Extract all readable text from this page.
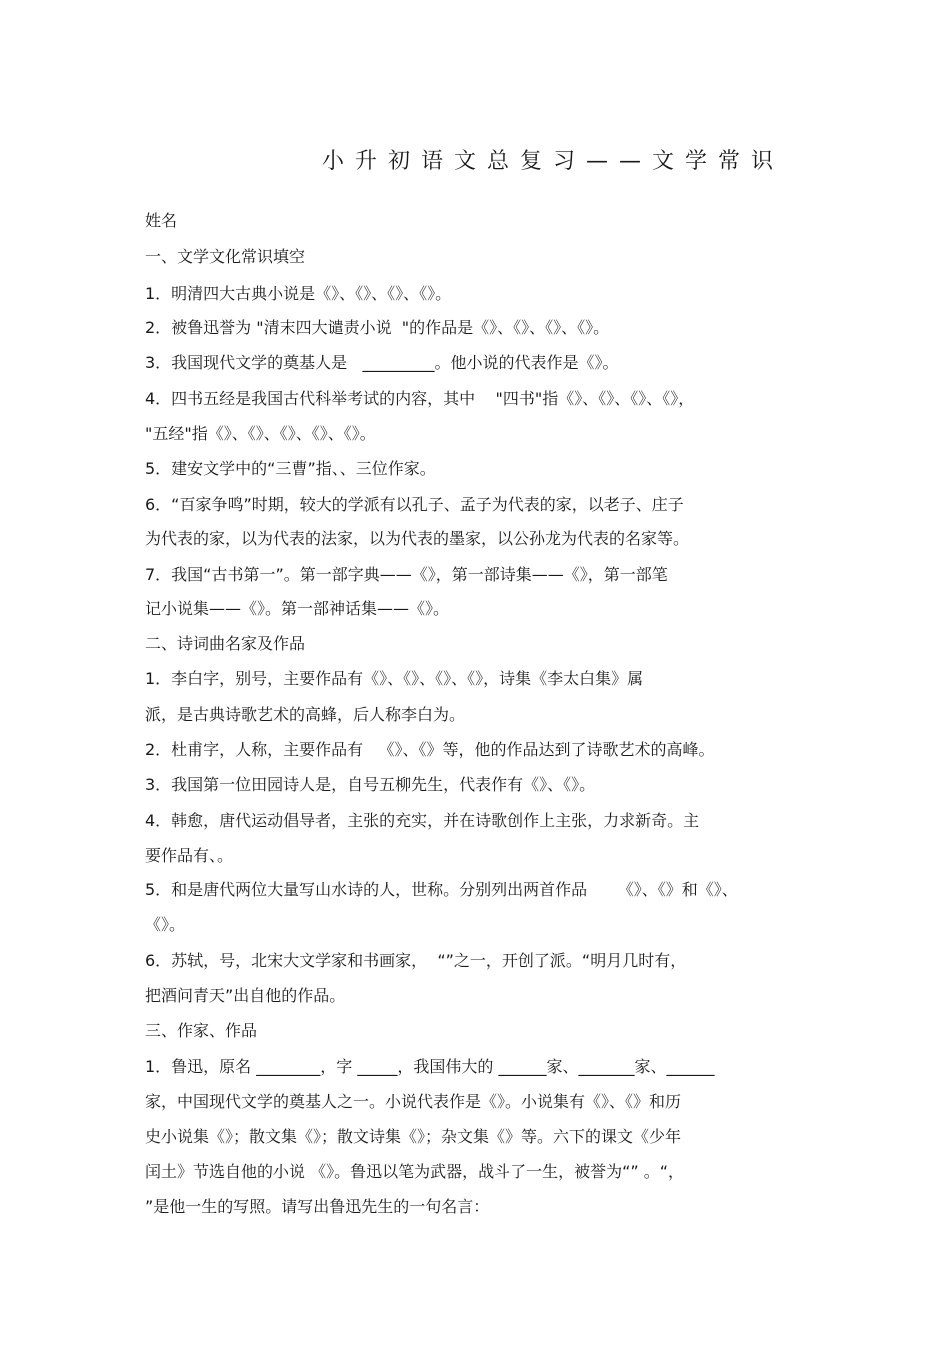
小升初语文总复习——文学常识
姓名
一、文学文化常识填空
1．明清四大古典小说是《》、《》、《》、《》。
2．被鲁迅誉为 "清末四大谴责小说  "的作品是《》、《》、《》、《》。
3．我国现代文学的奠基人是   _________。他小说的代表作是《》。
4．四书五经是我国古代科举考试的内容，其中    "四书"指《》、《》、《》、《》，
"五经"指《》、《》、《》、《》、《》。
5．建安文学中的“三曹”指、、三位作家。
6．“百家争鸣”时期，较大的学派有以孔子、孟子为代表的家，以老子、庄子
为代表的家，以为代表的法家，以为代表的墨家，以公孙龙为代表的名家等。
7．我国“古书第一”。第一部字典——《》，第一部诗集——《》，第一部笔
记小说集——《》。第一部神话集——《》。
二、诗词曲名家及作品
1．李白字，别号，主要作品有《》、《》、《》、《》，诗集《李太白集》属
派，是古典诗歌艺术的高蜂，后人称李白为。
2．杜甫字，人称，主要作品有   《》、《》等，他的作品达到了诗歌艺术的高峰。
3．我国第一位田园诗人是，自号五柳先生，代表作有《》、《》。
4．韩愈，唐代运动倡导者，主张的充实，并在诗歌创作上主张，力求新奇。主
要作品有、。
5．和是唐代两位大量写山水诗的人，世称。分别列出两首作品      《》、《》和《》、
《》。
6．苏轼，号，北宋大文学家和书画家，  “”之一，开创了派。“明月几时有，
把酒问青天”出自他的作品。
三、作家、作品
1．鲁迅，原名 ________，字 _____，我国伟大的 ______家、_______家、______
家，中国现代文学的奠基人之一。小说代表作是《》。小说集有《》、《》和历
史小说集《》；散文集《》；散文诗集《》；杂文集《》等。六下的课文《少年
闰土》节选自他的小说 《》。鲁迅以笔为武器，战斗了一生，被誉为“” 。“，
”是他一生的写照。请写出鲁迅先生的一句名言：
